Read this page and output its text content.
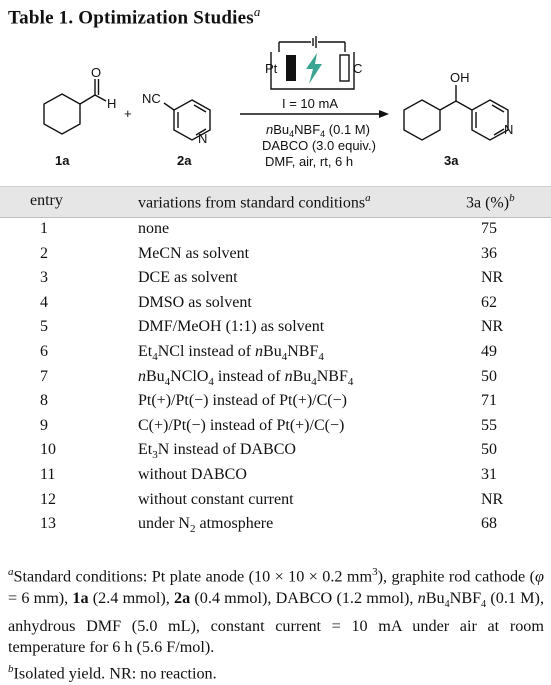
Table 1. Optimization Studies$^a$
O
H NC
N
+
Pt	C
I = 10 mA
$nBu_4NBF_4$ (0.1 M)
DABCO (3.0 equiv.)
DMF, air, rt, 6 h
OH
N
1a	2a	3a
entry	variations from standard conditions$^a$	3a (%)$^b$
1	none	75
2	MeCN as solvent	36
3	DCE as solvent	NR
4	DMSO as solvent	62
5	DMF/MeOH (1:1) as solvent	NR
6	$Et_4NCl$ instead of $nBu_4NBF_4$	49
7	nBu$_4$NClO$_4$ instead of $nBu_4NBF_4$	50
8	Pt(+)/Pt(−) instead of Pt(+)/C(−)	71
9	C(+)/Pt(−) instead of Pt(+)/C(−)	55
10	$Et_3N$ instead of DABCO	50
11	without DABCO	31
12	without constant current	NR
13	under $N_2$ atmosphere	68

$^a$Standard conditions: Pt plate anode (10 × 10 × 0.2 $mm^3$), graphite rod cathode (φ = 6 mm), 1a (2.4 mmol), 2a (0.4 mmol), DABCO (1.2 mmol), $nBu_4NBF_4$ (0.1 M), anhydrous DMF (5.0 mL), constant current = 10 mA under air at room temperature for 6 h (5.6 F/mol).

$^b$Isolated yield. NR: no reaction.
